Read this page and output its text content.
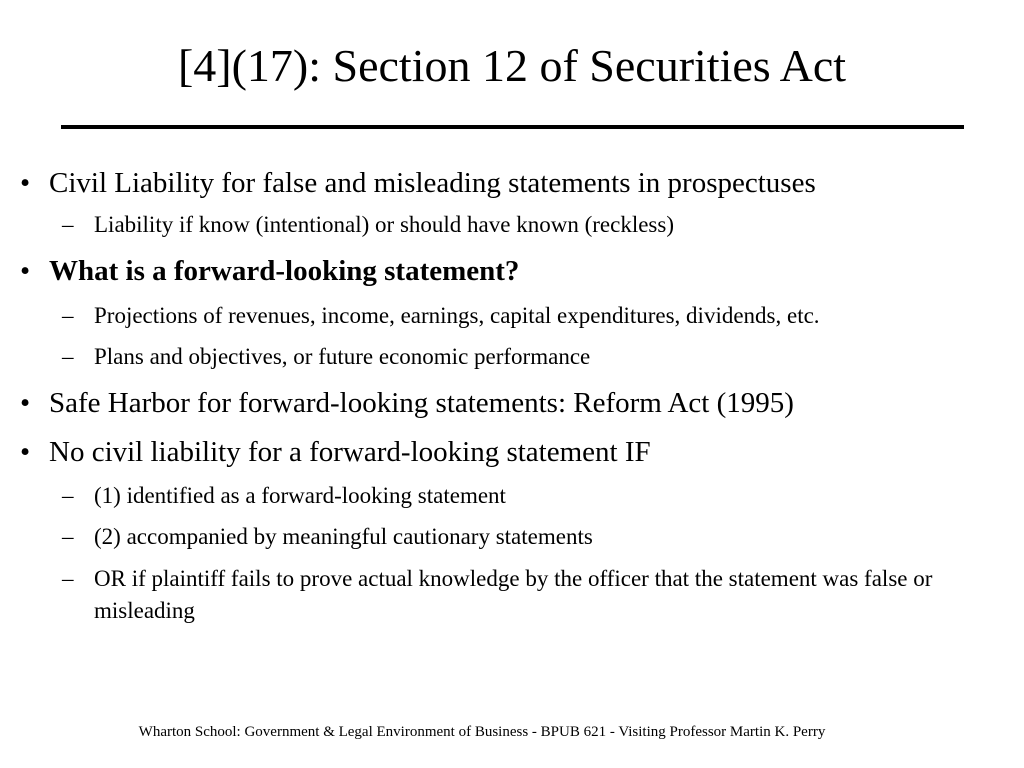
[4](17): Section 12 of Securities Act
• Civil Liability for false and misleading statements in prospectuses
– Liability if know (intentional) or should have known (reckless)
• What is a forward-looking statement?
– Projections of revenues, income, earnings, capital expenditures, dividends, etc.
– Plans and objectives, or future economic performance
• Safe Harbor for forward-looking statements: Reform Act (1995)
• No civil liability for a forward-looking statement IF
– (1) identified as a forward-looking statement
– (2) accompanied by meaningful cautionary statements
– OR if plaintiff fails to prove actual knowledge by the officer that the statement was false or misleading
Wharton School: Government & Legal Environment of Business - BPUB 621 - Visiting Professor Martin K. Perry
